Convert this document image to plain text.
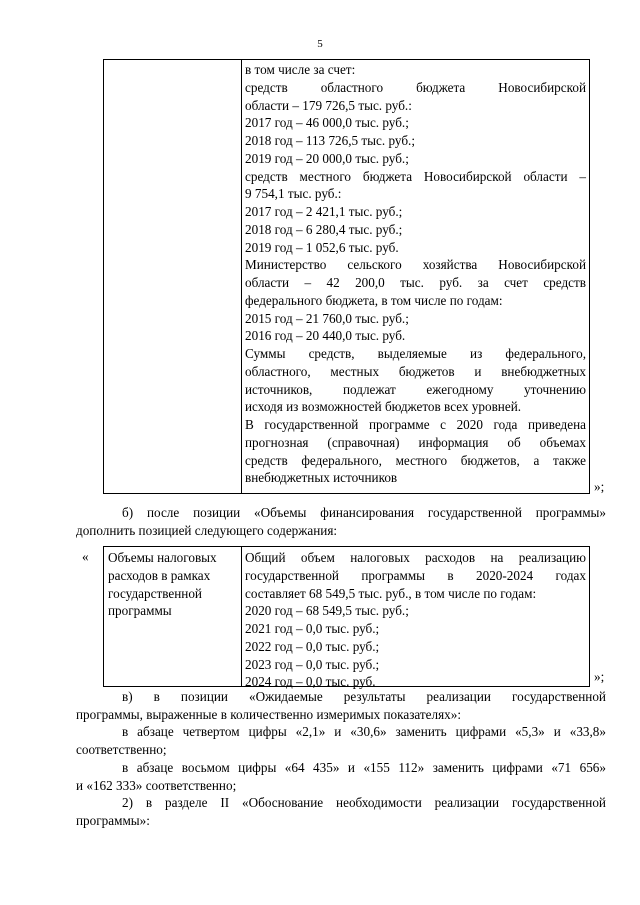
5
в том числе за счет:
средств областного бюджета Новосибирской
области – 179 726,5 тыс. руб.:
2017 год – 46 000,0 тыс. руб.;
2018 год – 113 726,5 тыс. руб.;
2019 год – 20 000,0 тыс. руб.;
средств местного бюджета Новосибирской области –
9 754,1 тыс. руб.:
2017 год – 2 421,1 тыс. руб.;
2018 год – 6 280,4 тыс. руб.;
2019 год – 1 052,6 тыс. руб.
Министерство сельского хозяйства Новосибирской
области – 42 200,0 тыс. руб. за счет средств
федерального бюджета, в том числе по годам:
2015 год – 21 760,0 тыс. руб.;
2016 год – 20 440,0 тыс. руб.
Суммы средств, выделяемые из федерального,
областного, местных бюджетов и внебюджетных
источников, подлежат ежегодному уточнению
исходя из возможностей бюджетов всех уровней.
В государственной программе с 2020 года приведена
прогнозная (справочная) информация об объемах
средств федерального, местного бюджетов, а также
внебюджетных источников
»;
б) после позиции «Объемы финансирования государственной программы»
дополнить позицией следующего содержания:
« Объемы налоговых
расходов в рамках
государственной
программы
Общий объем налоговых расходов на реализацию
государственной программы в 2020-2024 годах
составляет 68 549,5 тыс. руб., в том числе по годам:
2020 год – 68 549,5 тыс. руб.;
2021 год – 0,0 тыс. руб.;
2022 год – 0,0 тыс. руб.;
2023 год – 0,0 тыс. руб.;
2024 год – 0,0 тыс. руб.	»;
в) в позиции «Ожидаемые результаты реализации государственной
программы, выраженные в количественно измеримых показателях»:
в абзаце четвертом цифры «2,1» и «30,6» заменить цифрами «5,3» и «33,8»
соответственно;
в абзаце восьмом цифры «64 435» и «155 112» заменить цифрами «71 656»
и «162 333» соответственно;
2) в разделе II «Обоснование необходимости реализации государственной
программы»:
